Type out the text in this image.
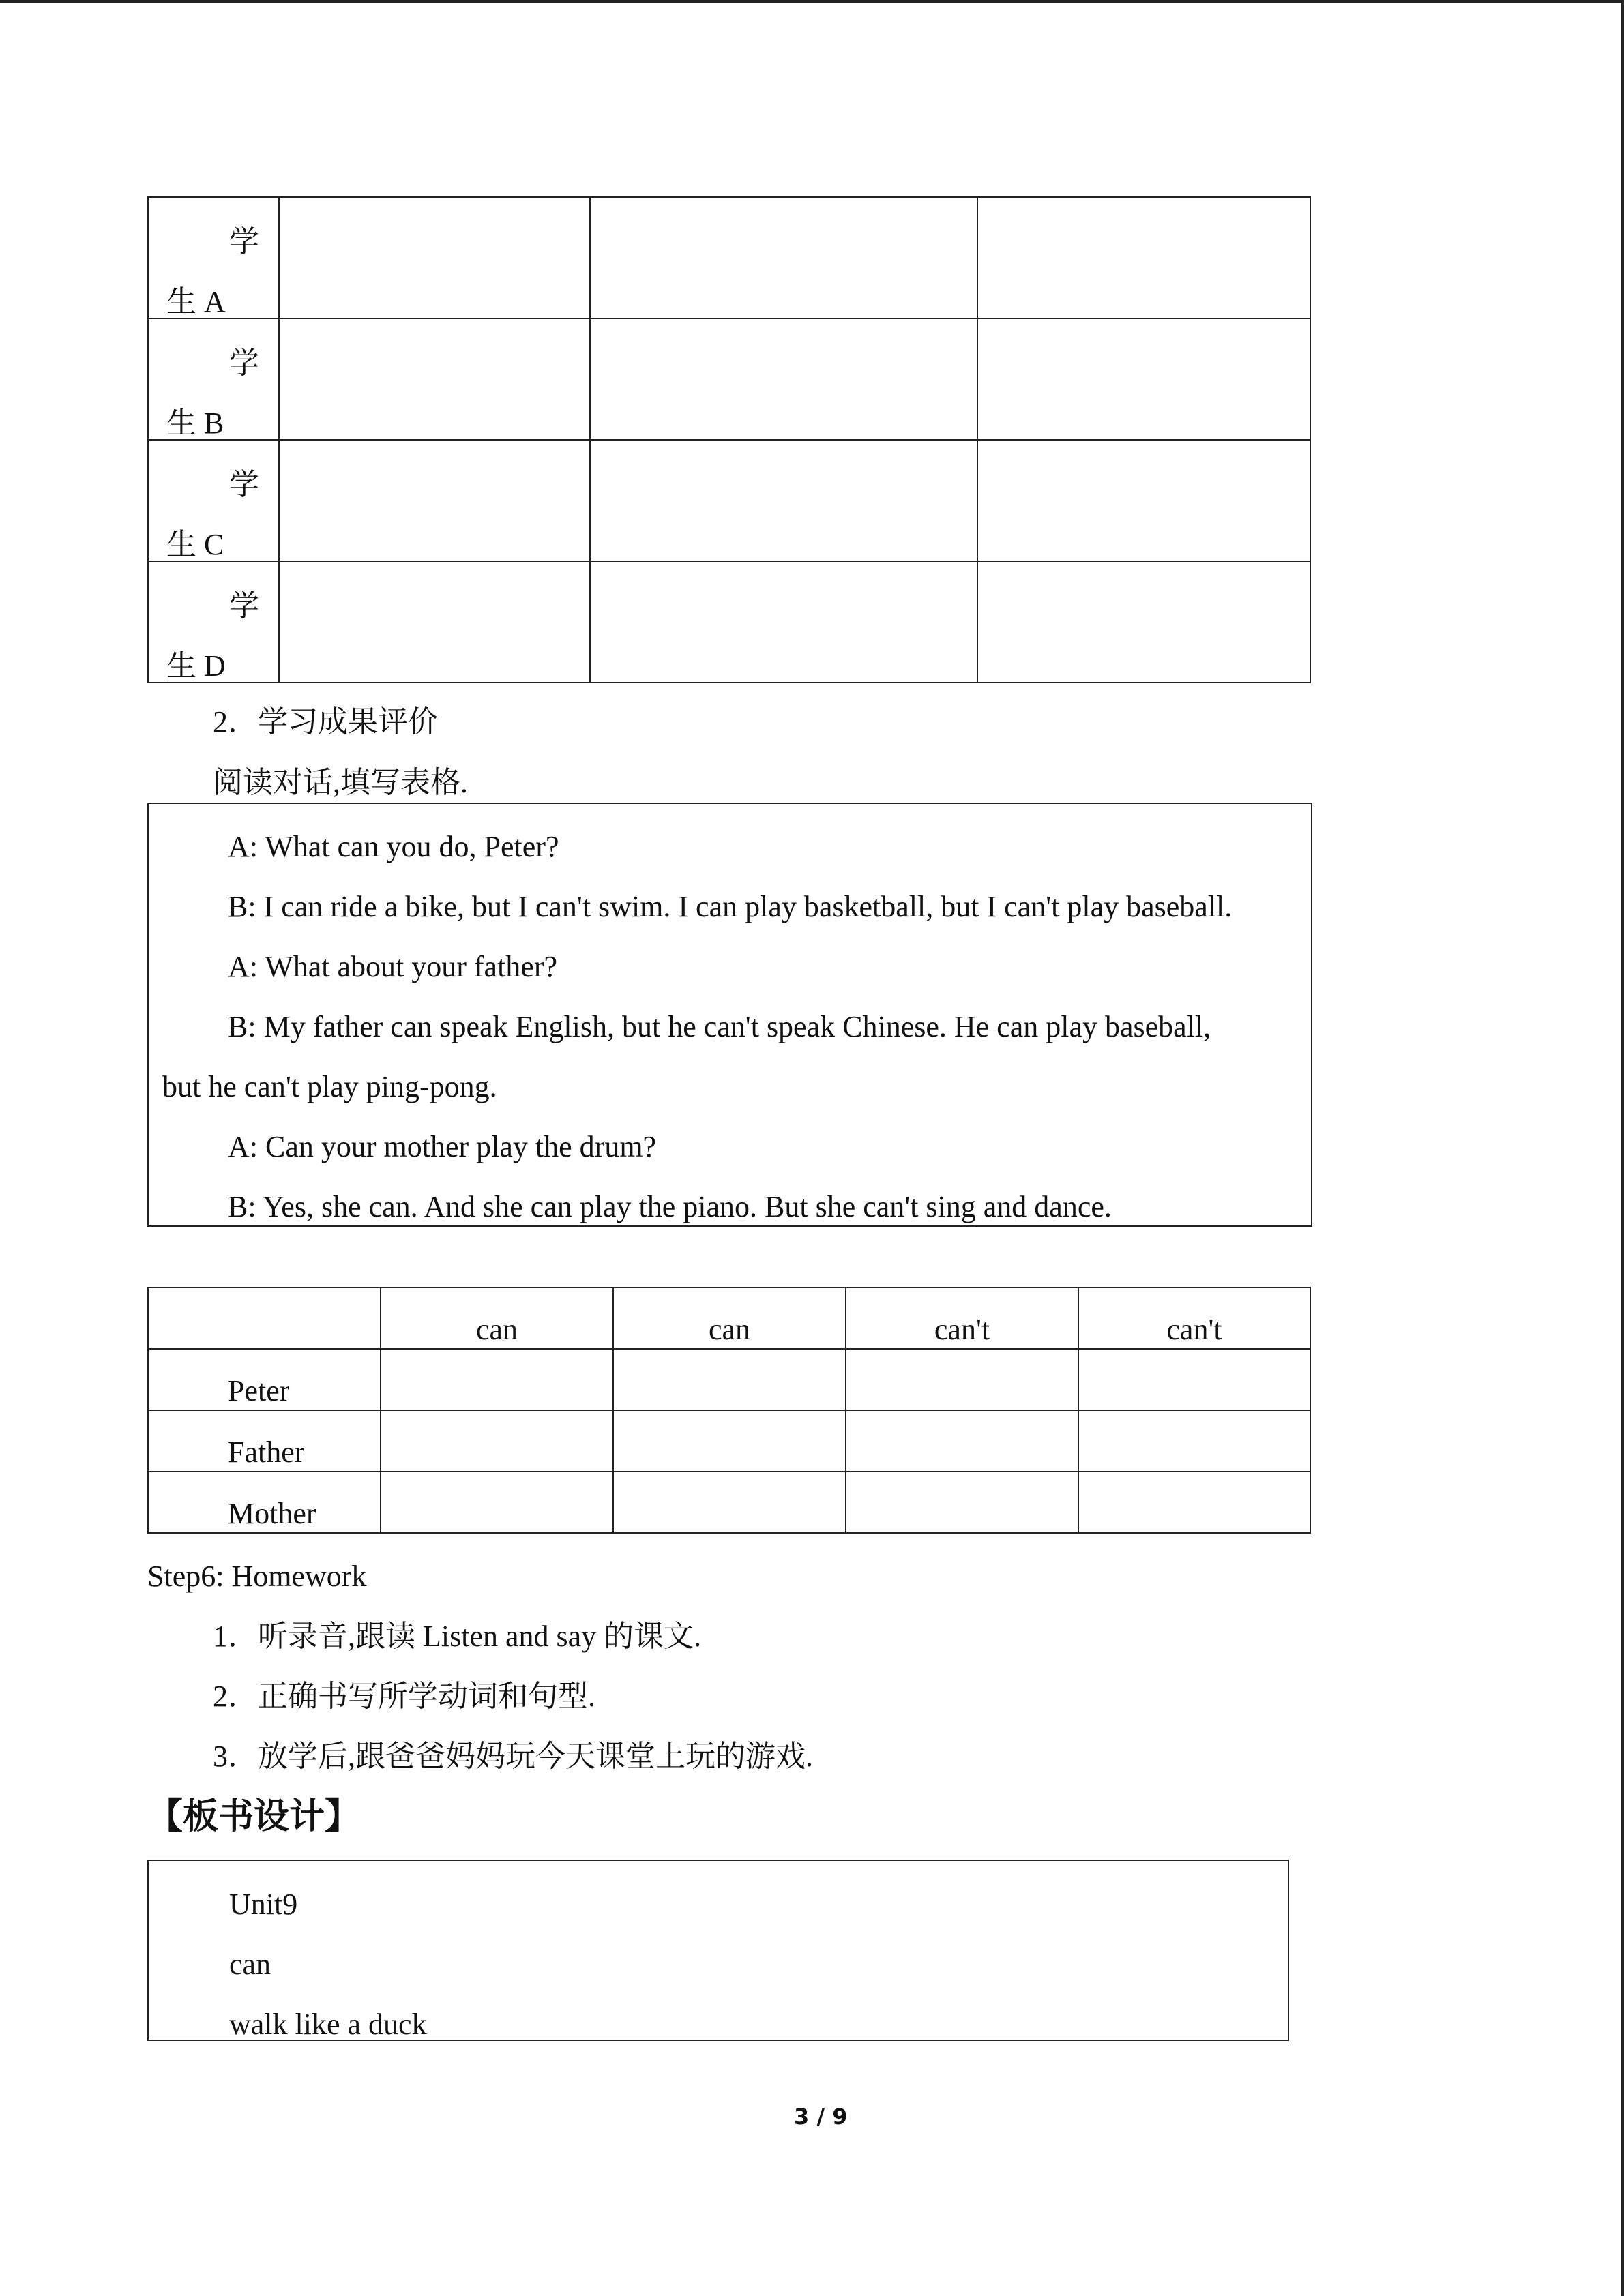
学
生 A			

学
生 B			

学
生 C			

学
生 D			

2．学习成果评价
阅读对话,填写表格.
A: What can you do, Peter?
B: I can ride a bike, but I can't swim. I can play basketball, but I can't play baseball.
A: What about your father?
B: My father can speak English, but he can't speak Chinese. He can play baseball,
but he can't play ping-pong.
A: Can your mother play the drum?
B: Yes, she can. And she can play the piano. But she can't sing and dance.
	can	can	can't	can't
Peter				
Father				
Mother				
Step6: Homework
1．听录音,跟读 Listen and say 的课文.
2．正确书写所学动词和句型.
3．放学后,跟爸爸妈妈玩今天课堂上玩的游戏.
【板书设计】
Unit9
can
walk like a duck
3 / 9
